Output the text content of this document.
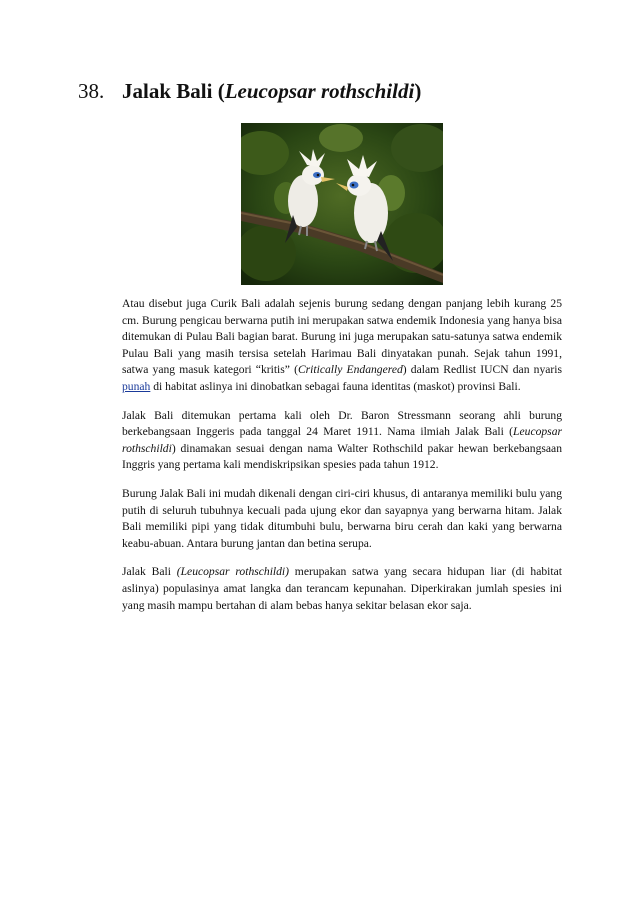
38. Jalak Bali (Leucopsar rothschildi)

Atau disebut juga Curik Bali adalah sejenis burung sedang dengan panjang lebih kurang 25 cm. Burung pengicau berwarna putih ini merupakan satwa endemik Indonesia yang hanya bisa ditemukan di Pulau Bali bagian barat. Burung ini juga merupakan satu-satunya satwa endemik Pulau Bali yang masih tersisa setelah Harimau Bali dinyatakan punah. Sejak tahun 1991, satwa yang masuk kategori “kritis” (Critically Endangered) dalam Redlist IUCN dan nyaris punah di habitat aslinya ini dinobatkan sebagai fauna identitas (maskot) provinsi Bali.

Jalak Bali ditemukan pertama kali oleh Dr. Baron Stressmann seorang ahli burung berkebangsaan Inggeris pada tanggal 24 Maret 1911. Nama ilmiah Jalak Bali (Leucopsar rothschildi) dinamakan sesuai dengan nama Walter Rothschild pakar hewan berkebangsaan Inggris yang pertama kali mendiskripsikan spesies pada tahun 1912.

Burung Jalak Bali ini mudah dikenali dengan ciri-ciri khusus, di antaranya memiliki bulu yang putih di seluruh tubuhnya kecuali pada ujung ekor dan sayapnya yang berwarna hitam. Jalak Bali memiliki pipi yang tidak ditumbuhi bulu, berwarna biru cerah dan kaki yang berwarna keabu-abuan. Antara burung jantan dan betina serupa.

Jalak Bali (Leucopsar rothschildi) merupakan satwa yang secara hidupan liar (di habitat aslinya) populasinya amat langka dan terancam kepunahan. Diperkirakan jumlah spesies ini yang masih mampu bertahan di alam bebas hanya sekitar belasan ekor saja.
